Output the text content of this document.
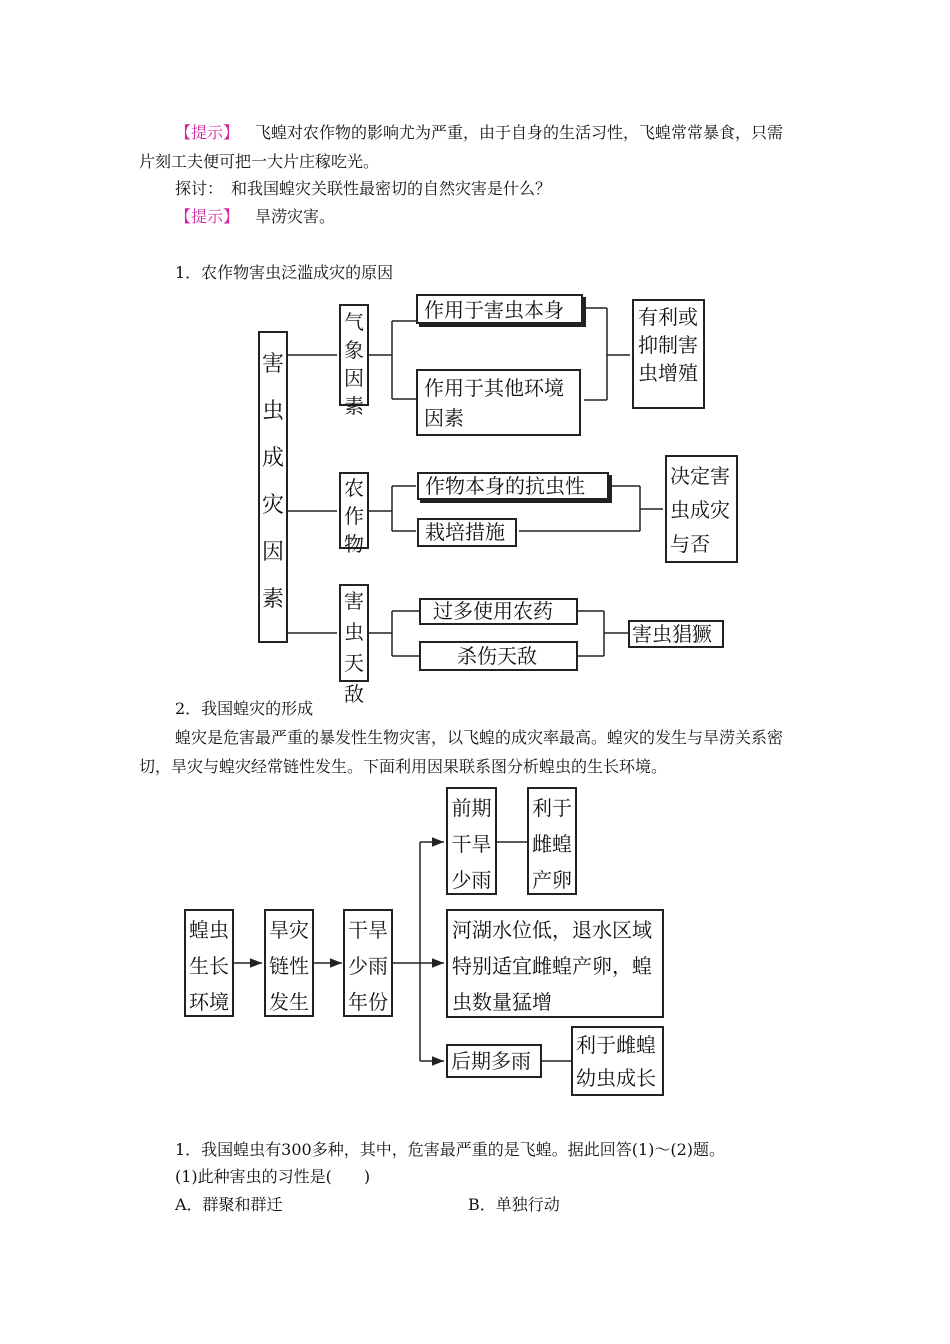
【提示】 飞蝗对农作物的影响尤为严重，由于自身的生活习性，飞蝗常常暴食，只需
片刻工夫便可把一大片庄稼吃光。
探讨：　和我国蝗灾关联性最密切的自然灾害是什么？
【提示】 旱涝灾害。
1．农作物害虫泛滥成灾的原因
害虫成灾因素
气象因素
作用于害虫本身
作用于其他环境因素
有利或抑制害虫增殖
农作物
作物本身的抗虫性
栽培措施
决定害虫成灾与否
害虫天敌
过多使用农药
杀伤天敌
害虫猖獗
2．我国蝗灾的形成
蝗灾是危害最严重的暴发性生物灾害，以飞蝗的成灾率最高。蝗灾的发生与旱涝关系密
切，旱灾与蝗灾经常链性发生。下面利用因果联系图分析蝗虫的生长环境。
蝗虫生长环境
旱灾链性发生
干旱少雨年份
前期干旱少雨
利于雌蝗产卵
河湖水位低，退水区域特别适宜雌蝗产卵，蝗虫数量猛增
后期多雨
利于雌蝗幼虫成长
1．我国蝗虫有300多种，其中，危害最严重的是飞蝗。据此回答(1)～(2)题。
(1)此种害虫的习性是(　　)
A．群聚和群迁	B．单独行动
